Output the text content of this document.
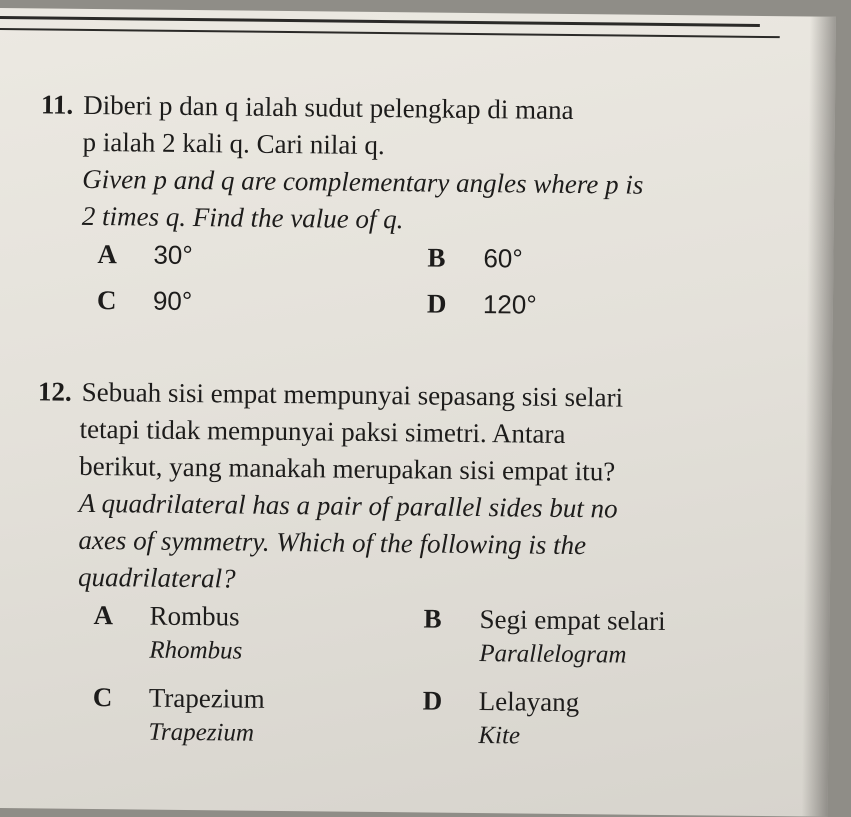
11. Diberi p dan q ialah sudut pelengkap di mana
p ialah 2 kali q. Cari nilai q.
Given p and q are complementary angles where p is
2 times q. Find the value of q.
A 30°	B 60°
C 90°	D 120°
12. Sebuah sisi empat mempunyai sepasang sisi selari
tetapi tidak mempunyai paksi simetri. Antara
berikut, yang manakah merupakan sisi empat itu?
A quadrilateral has a pair of parallel sides but no
axes of symmetry. Which of the following is the
quadrilateral?
A Rombus
Rhombus
B Segi empat selari
Parallelogram
C Trapezium
Trapezium
D Lelayang
Kite
